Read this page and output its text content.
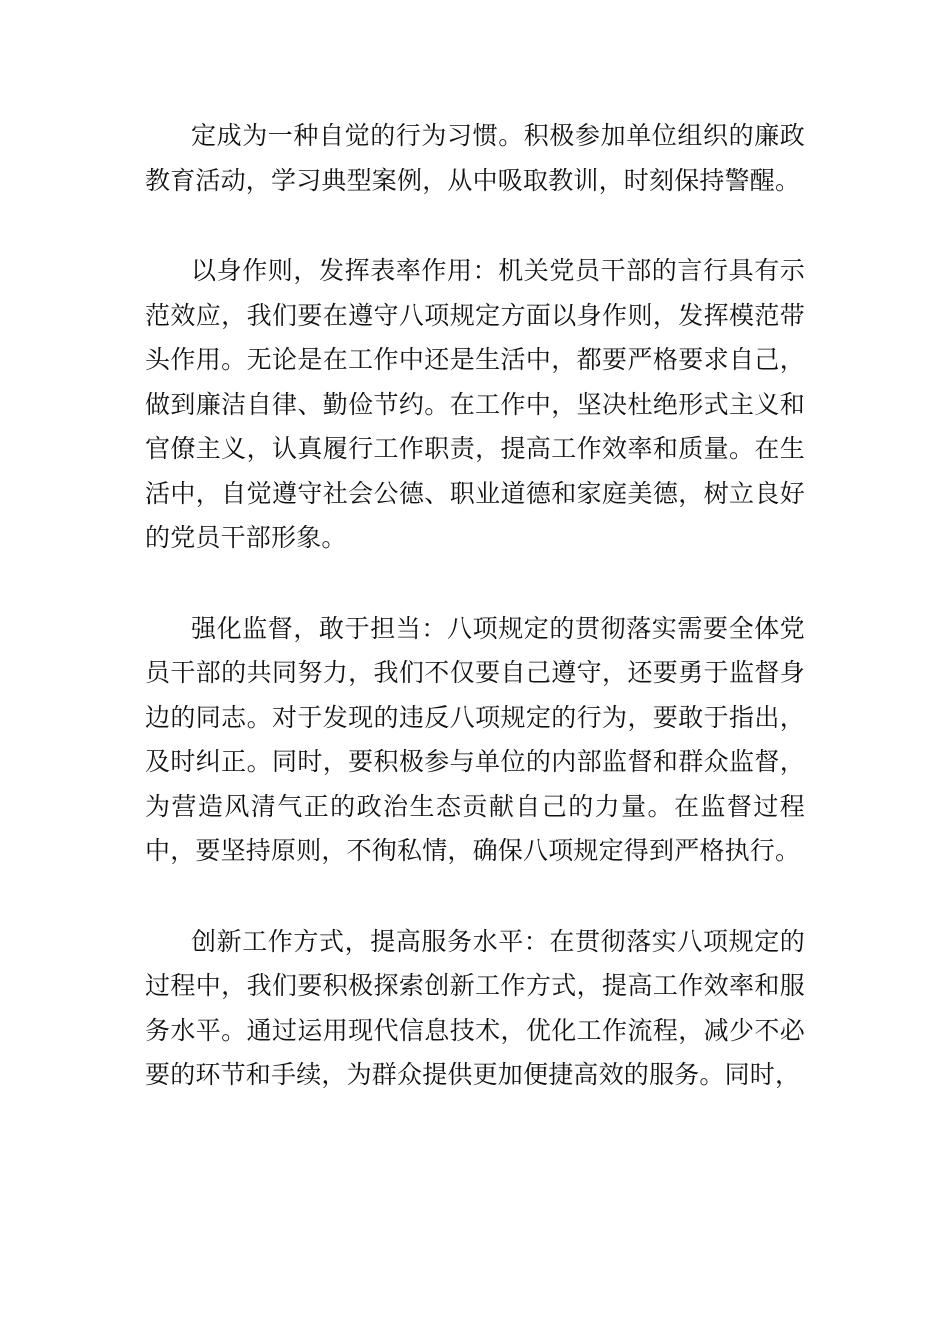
定成为一种自觉的行为习惯。积极参加单位组织的廉政教育活动，学习典型案例，从中吸取教训，时刻保持警醒。

以身作则，发挥表率作用：机关党员干部的言行具有示范效应，我们要在遵守八项规定方面以身作则，发挥模范带头作用。无论是在工作中还是生活中，都要严格要求自己，做到廉洁自律、勤俭节约。在工作中，坚决杜绝形式主义和官僚主义，认真履行工作职责，提高工作效率和质量。在生活中，自觉遵守社会公德、职业道德和家庭美德，树立良好的党员干部形象。

强化监督，敢于担当：八项规定的贯彻落实需要全体党员干部的共同努力，我们不仅要自己遵守，还要勇于监督身边的同志。对于发现的违反八项规定的行为，要敢于指出，及时纠正。同时，要积极参与单位的内部监督和群众监督，为营造风清气正的政治生态贡献自己的力量。在监督过程中，要坚持原则，不徇私情，确保八项规定得到严格执行。

创新工作方式，提高服务水平：在贯彻落实八项规定的过程中，我们要积极探索创新工作方式，提高工作效率和服务水平。通过运用现代信息技术，优化工作流程，减少不必要的环节和手续，为群众提供更加便捷高效的服务。同时，
